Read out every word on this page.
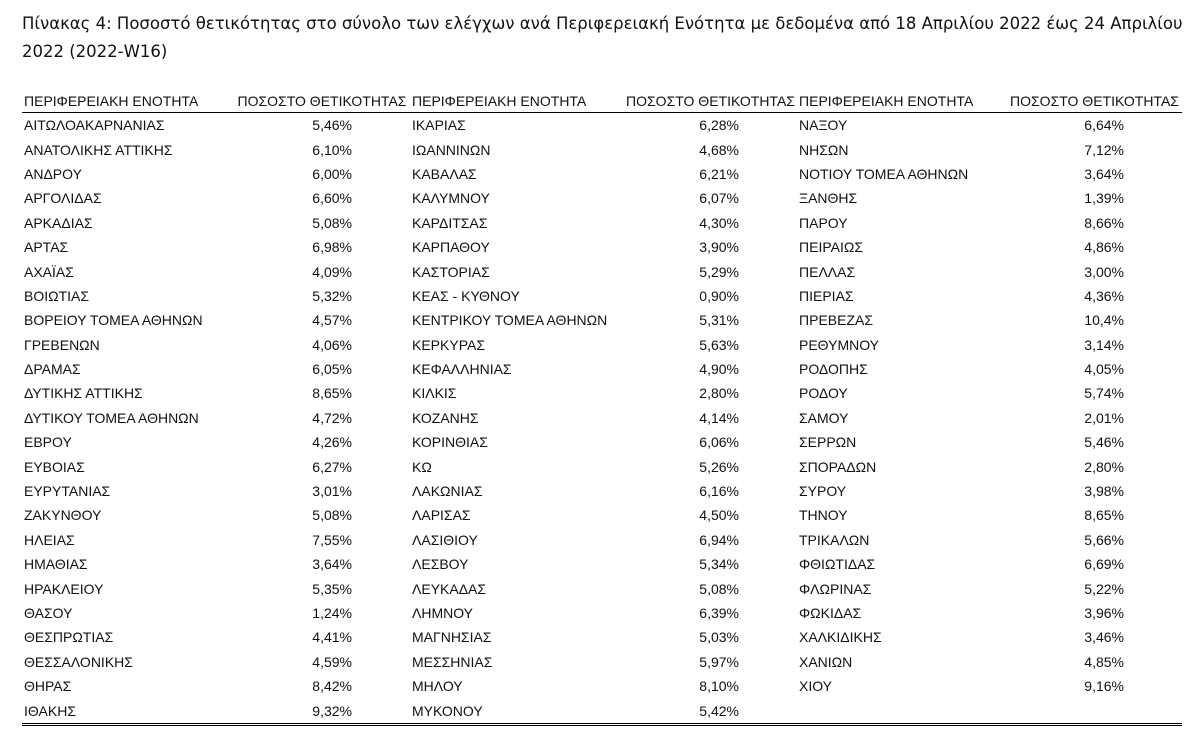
Πίνακας 4: Ποσοστό θετικότητας στο σύνολο των ελέγχων ανά Περιφερειακή Ενότητα με δεδομένα από 18 Απριλίου 2022 έως 24 Απριλίου 2022 (2022-W16)
ΠΕΡΙΦΕΡΕΙΑΚΗ ΕΝΟΤΗΤΑ	ΠΟΣΟΣΤΟ ΘΕΤΙΚΟΤΗΤΑΣ	ΠΕΡΙΦΕΡΕΙΑΚΗ ΕΝΟΤΗΤΑ	ΠΟΣΟΣΤΟ ΘΕΤΙΚΟΤΗΤΑΣ	ΠΕΡΙΦΕΡΕΙΑΚΗ ΕΝΟΤΗΤΑ	ΠΟΣΟΣΤΟ ΘΕΤΙΚΟΤΗΤΑΣ
ΑΙΤΩΛΟΑΚΑΡΝΑΝΙΑΣ	5,46%	ΙΚΑΡΙΑΣ	6,28%	ΝΑΞΟΥ	6,64%
ΑΝΑΤΟΛΙΚΗΣ ΑΤΤΙΚΗΣ	6,10%	ΙΩΑΝΝΙΝΩΝ	4,68%	ΝΗΣΩΝ	7,12%
ΑΝΔΡΟΥ	6,00%	ΚΑΒΑΛΑΣ	6,21%	ΝΟΤΙΟΥ ΤΟΜΕΑ ΑΘΗΝΩΝ	3,64%
ΑΡΓΟΛΙΔΑΣ	6,60%	ΚΑΛΥΜΝΟΥ	6,07%	ΞΑΝΘΗΣ	1,39%
ΑΡΚΑΔΙΑΣ	5,08%	ΚΑΡΔΙΤΣΑΣ	4,30%	ΠΑΡΟΥ	8,66%
ΑΡΤΑΣ	6,98%	ΚΑΡΠΑΘΟΥ	3,90%	ΠΕΙΡΑΙΩΣ	4,86%
ΑΧΑΪΑΣ	4,09%	ΚΑΣΤΟΡΙΑΣ	5,29%	ΠΕΛΛΑΣ	3,00%
ΒΟΙΩΤΙΑΣ	5,32%	ΚΕΑΣ - ΚΥΘΝΟΥ	0,90%	ΠΙΕΡΙΑΣ	4,36%
ΒΟΡΕΙΟΥ ΤΟΜΕΑ ΑΘΗΝΩΝ	4,57%	ΚΕΝΤΡΙΚΟΥ ΤΟΜΕΑ ΑΘΗΝΩΝ	5,31%	ΠΡΕΒΕΖΑΣ	10,4%
ΓΡΕΒΕΝΩΝ	4,06%	ΚΕΡΚΥΡΑΣ	5,63%	ΡΕΘΥΜΝΟΥ	3,14%
ΔΡΑΜΑΣ	6,05%	ΚΕΦΑΛΛΗΝΙΑΣ	4,90%	ΡΟΔΟΠΗΣ	4,05%
ΔΥΤΙΚΗΣ ΑΤΤΙΚΗΣ	8,65%	ΚΙΛΚΙΣ	2,80%	ΡΟΔΟΥ	5,74%
ΔΥΤΙΚΟΥ ΤΟΜΕΑ ΑΘΗΝΩΝ	4,72%	ΚΟΖΑΝΗΣ	4,14%	ΣΑΜΟΥ	2,01%
ΕΒΡΟΥ	4,26%	ΚΟΡΙΝΘΙΑΣ	6,06%	ΣΕΡΡΩΝ	5,46%
ΕΥΒΟΙΑΣ	6,27%	ΚΩ	5,26%	ΣΠΟΡΑΔΩΝ	2,80%
ΕΥΡΥΤΑΝΙΑΣ	3,01%	ΛΑΚΩΝΙΑΣ	6,16%	ΣΥΡΟΥ	3,98%
ΖΑΚΥΝΘΟΥ	5,08%	ΛΑΡΙΣΑΣ	4,50%	ΤΗΝΟΥ	8,65%
ΗΛΕΙΑΣ	7,55%	ΛΑΣΙΘΙΟΥ	6,94%	ΤΡΙΚΑΛΩΝ	5,66%
ΗΜΑΘΙΑΣ	3,64%	ΛΕΣΒΟΥ	5,34%	ΦΘΙΩΤΙΔΑΣ	6,69%
ΗΡΑΚΛΕΙΟΥ	5,35%	ΛΕΥΚΑΔΑΣ	5,08%	ΦΛΩΡΙΝΑΣ	5,22%
ΘΑΣΟΥ	1,24%	ΛΗΜΝΟΥ	6,39%	ΦΩΚΙΔΑΣ	3,96%
ΘΕΣΠΡΩΤΙΑΣ	4,41%	ΜΑΓΝΗΣΙΑΣ	5,03%	ΧΑΛΚΙΔΙΚΗΣ	3,46%
ΘΕΣΣΑΛΟΝΙΚΗΣ	4,59%	ΜΕΣΣΗΝΙΑΣ	5,97%	ΧΑΝΙΩΝ	4,85%
ΘΗΡΑΣ	8,42%	ΜΗΛΟΥ	8,10%	ΧΙΟΥ	9,16%
ΙΘΑΚΗΣ	9,32%	ΜΥΚΟΝΟΥ	5,42%		
